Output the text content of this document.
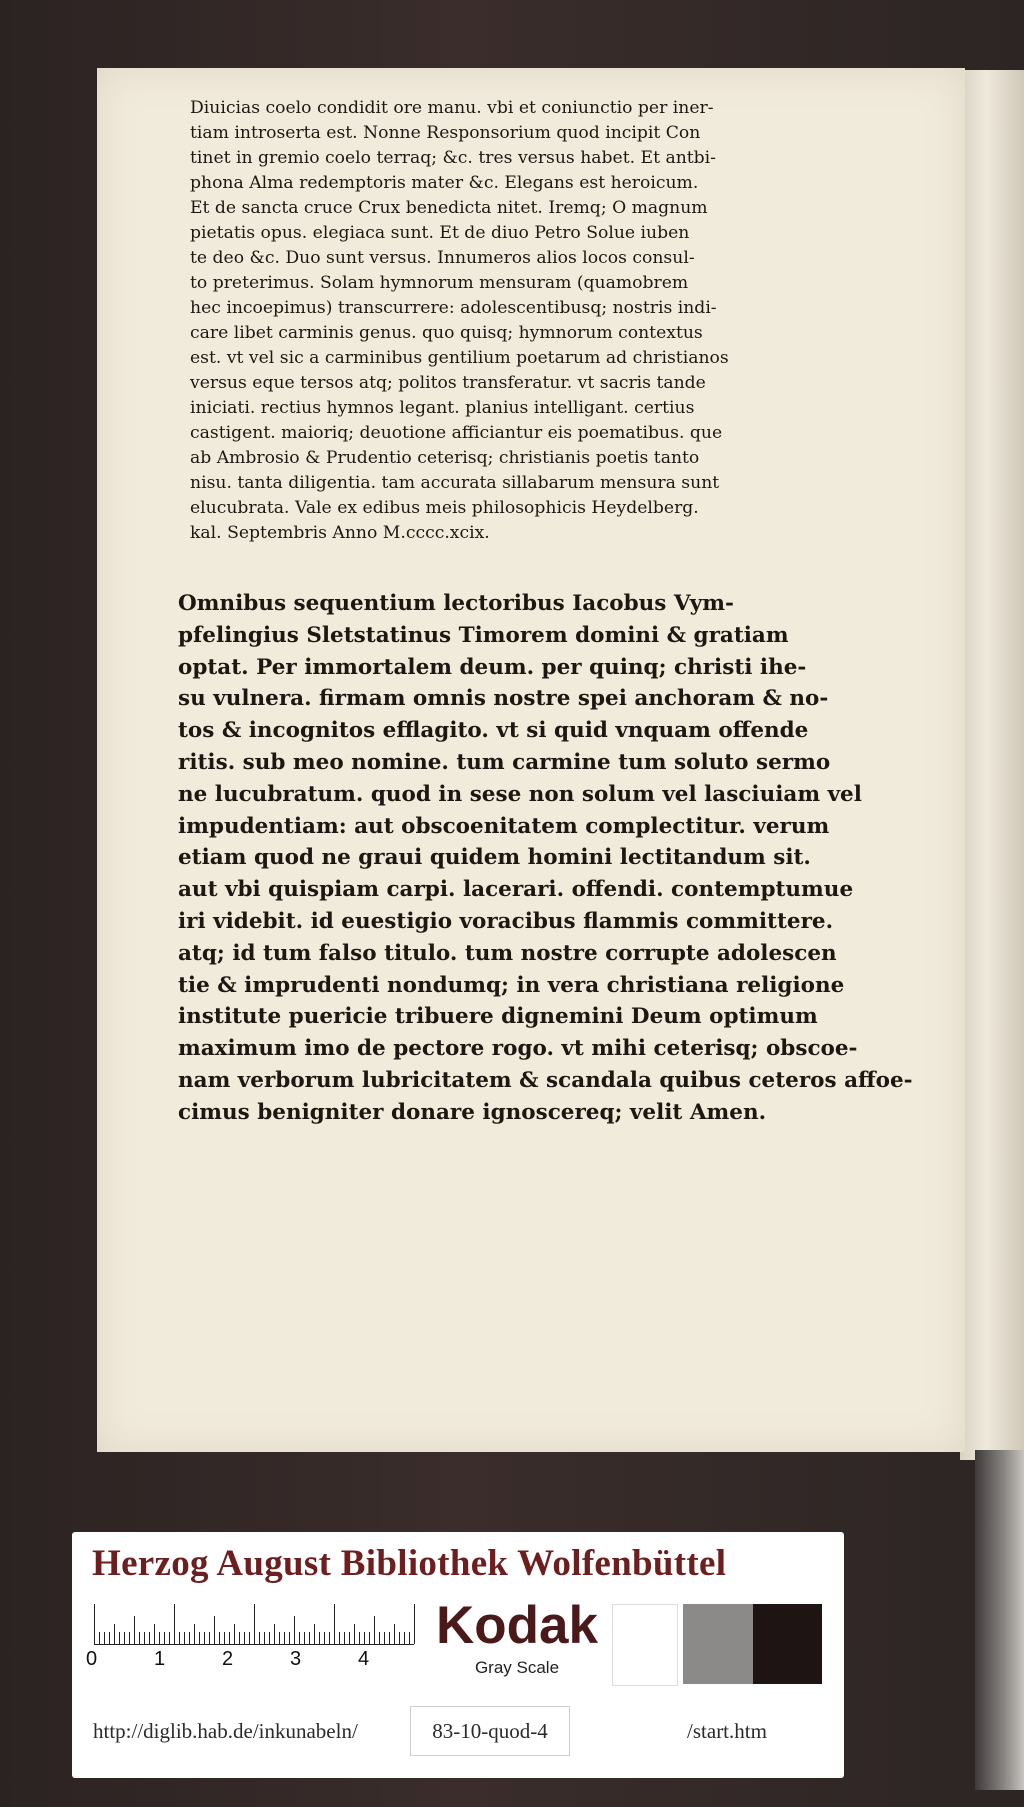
Diuicias coelo condidit ore manu. vbi et coniunctio per iner-
tiam introserta est. Nonne Responsorium quod incipit Con
tinet in gremio coelo terraq; &c. tres versus habet. Et antbi-
phona Alma redemptoris mater &c. Elegans est heroicum.
Et de sancta cruce Crux benedicta nitet. Iremq; O magnum
pietatis opus. elegiaca sunt. Et de diuo Petro Solue iuben
te deo &c. Duo sunt versus. Innumeros alios locos consul-
to preterimus. Solam hymnorum mensuram (quamobrem
hec incoepimus) transcurrere: adolescentibusq; nostris indi-
care libet carminis genus. quo quisq; hymnorum contextus
est. vt vel sic a carminibus gentilium poetarum ad christianos
versus eque tersos atq; politos transferatur. vt sacris tande
iniciati. rectius hymnos legant. planius intelligant. certius
castigent. maioriq; deuotione afficiantur eis poematibus. que
ab Ambrosio & Prudentio ceterisq; christianis poetis tanto
nisu. tanta diligentia. tam accurata sillabarum mensura sunt
elucubrata. Vale ex edibus meis philosophicis Heydelberg.
kal. Septembris Anno M.cccc.xcix.
Omnibus sequentium lectoribus Iacobus Vym-
pfelingius Sletstatinus Timorem domini & gratiam
optat. Per immortalem deum. per quinq; christi ihe-
su vulnera. firmam omnis nostre spei anchoram & no-
tos & incognitos efflagito. vt si quid vnquam offende
ritis. sub meo nomine. tum carmine tum soluto sermo
ne lucubratum. quod in sese non solum vel lasciuiam vel
impudentiam: aut obscoenitatem complectitur. verum
etiam quod ne graui quidem homini lectitandum sit.
aut vbi quispiam carpi. lacerari. offendi. contemptumue
iri videbit. id euestigio voracibus flammis committere.
atq; id tum falso titulo. tum nostre corrupte adolescen
tie & imprudenti nondumq; in vera christiana religione
institute puericie tribuere dignemini Deum optimum
maximum imo de pectore rogo. vt mihi ceterisq; obscoe-
nam verborum lubricitatem & scandala quibus ceteros affoe-
cimus benigniter donare ignoscereq; velit Amen.
Herzog August Bibliothek Wolfenbüttel
0	1	2	3	4
Kodak
Gray Scale
http://diglib.hab.de/inkunabeln/	83-10-quod-4	/start.htm
